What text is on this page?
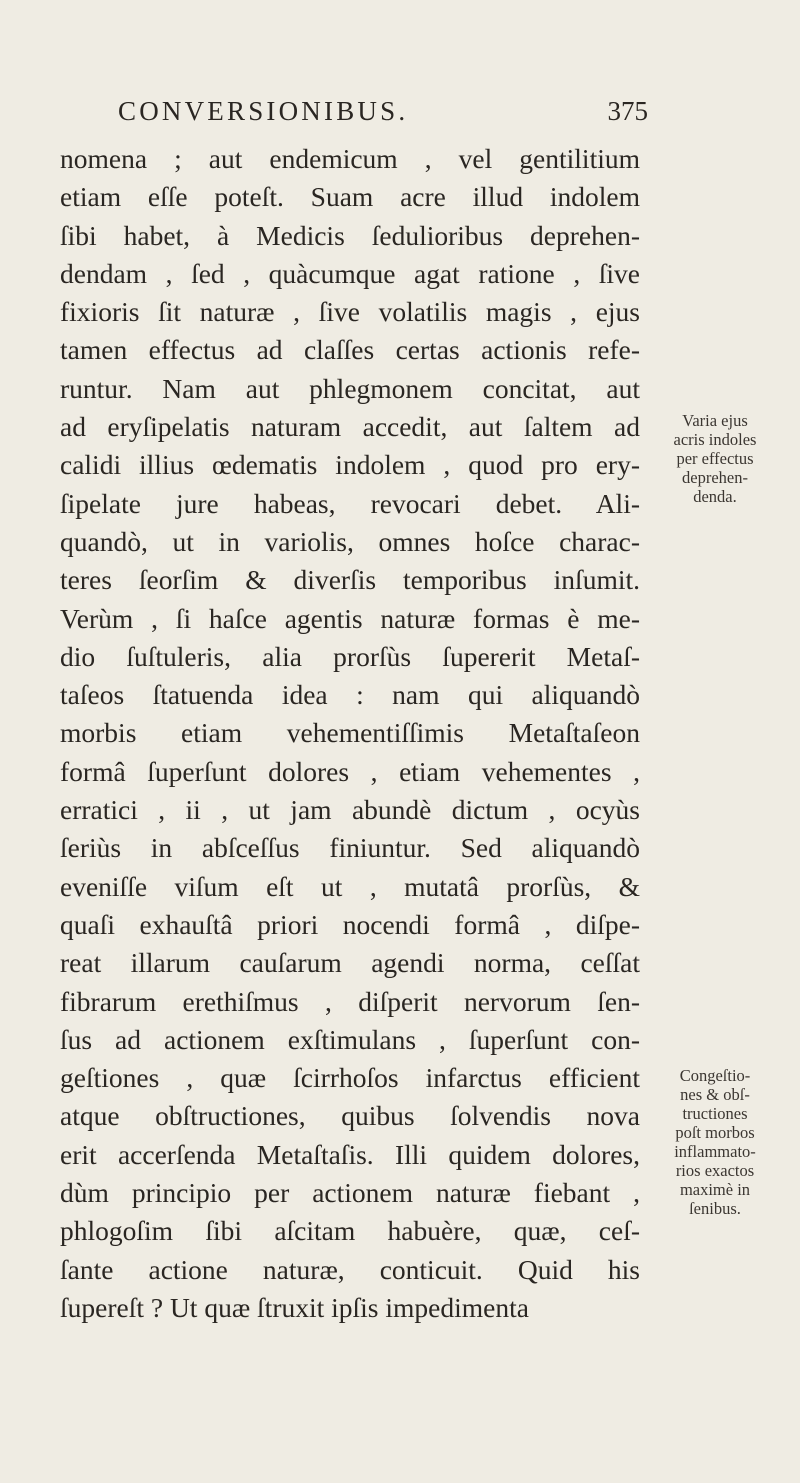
CONVERSIONIBUS.	375
nomena ; aut endemicum , vel gentilitium
etiam eſſe poteſt. Suam acre illud indolem
ſibi habet, à Medicis ſedulioribus deprehen-
dendam , ſed , quàcumque agat ratione , ſive
fixioris ſit naturæ , ſive volatilis magis , ejus
tamen effectus ad claſſes certas actionis refe-
runtur. Nam aut phlegmonem concitat, aut
ad eryſipelatis naturam accedit, aut ſaltem ad
calidi illius œdematis indolem , quod pro ery-
ſipelate jure habeas, revocari debet. Ali-
quandò, ut in variolis, omnes hoſce charac-
teres ſeorſim & diverſis temporibus inſumit.
Verùm , ſi haſce agentis naturæ formas è me-
dio ſuſtuleris, alia prorſùs ſupererit Metaſ-
taſeos ſtatuenda idea : nam qui aliquandò
morbis etiam vehementiſſimis Metaſtaſeon
formâ ſuperſunt dolores , etiam vehementes ,
erratici , ii , ut jam abundè dictum , ocyùs
ſeriùs in abſceſſus finiuntur. Sed aliquandò
eveniſſe viſum eſt ut , mutatâ prorſùs, &
quaſi exhauſtâ priori nocendi formâ , diſpe-
reat illarum cauſarum agendi norma, ceſſat
fibrarum erethiſmus , diſperit nervorum ſen-
ſus ad actionem exſtimulans , ſuperſunt con-
geſtiones , quæ ſcirrhoſos infarctus efficient
atque obſtructiones, quibus ſolvendis nova
erit accerſenda Metaſtaſis. Illi quidem dolores,
dùm principio per actionem naturæ fiebant ,
phlogoſim ſibi aſcitam habuère, quæ, ceſ-
ſante actione naturæ, conticuit. Quid his
ſupereſt ? Ut quæ ſtruxit ipſis impedimenta
Varia ejus
acris indoles
per effectus
deprehen-
denda.
Congeſtio-
nes & obſ-
tructiones
poſt morbos
inflammato-
rios exactos
maximè in
ſenibus.
